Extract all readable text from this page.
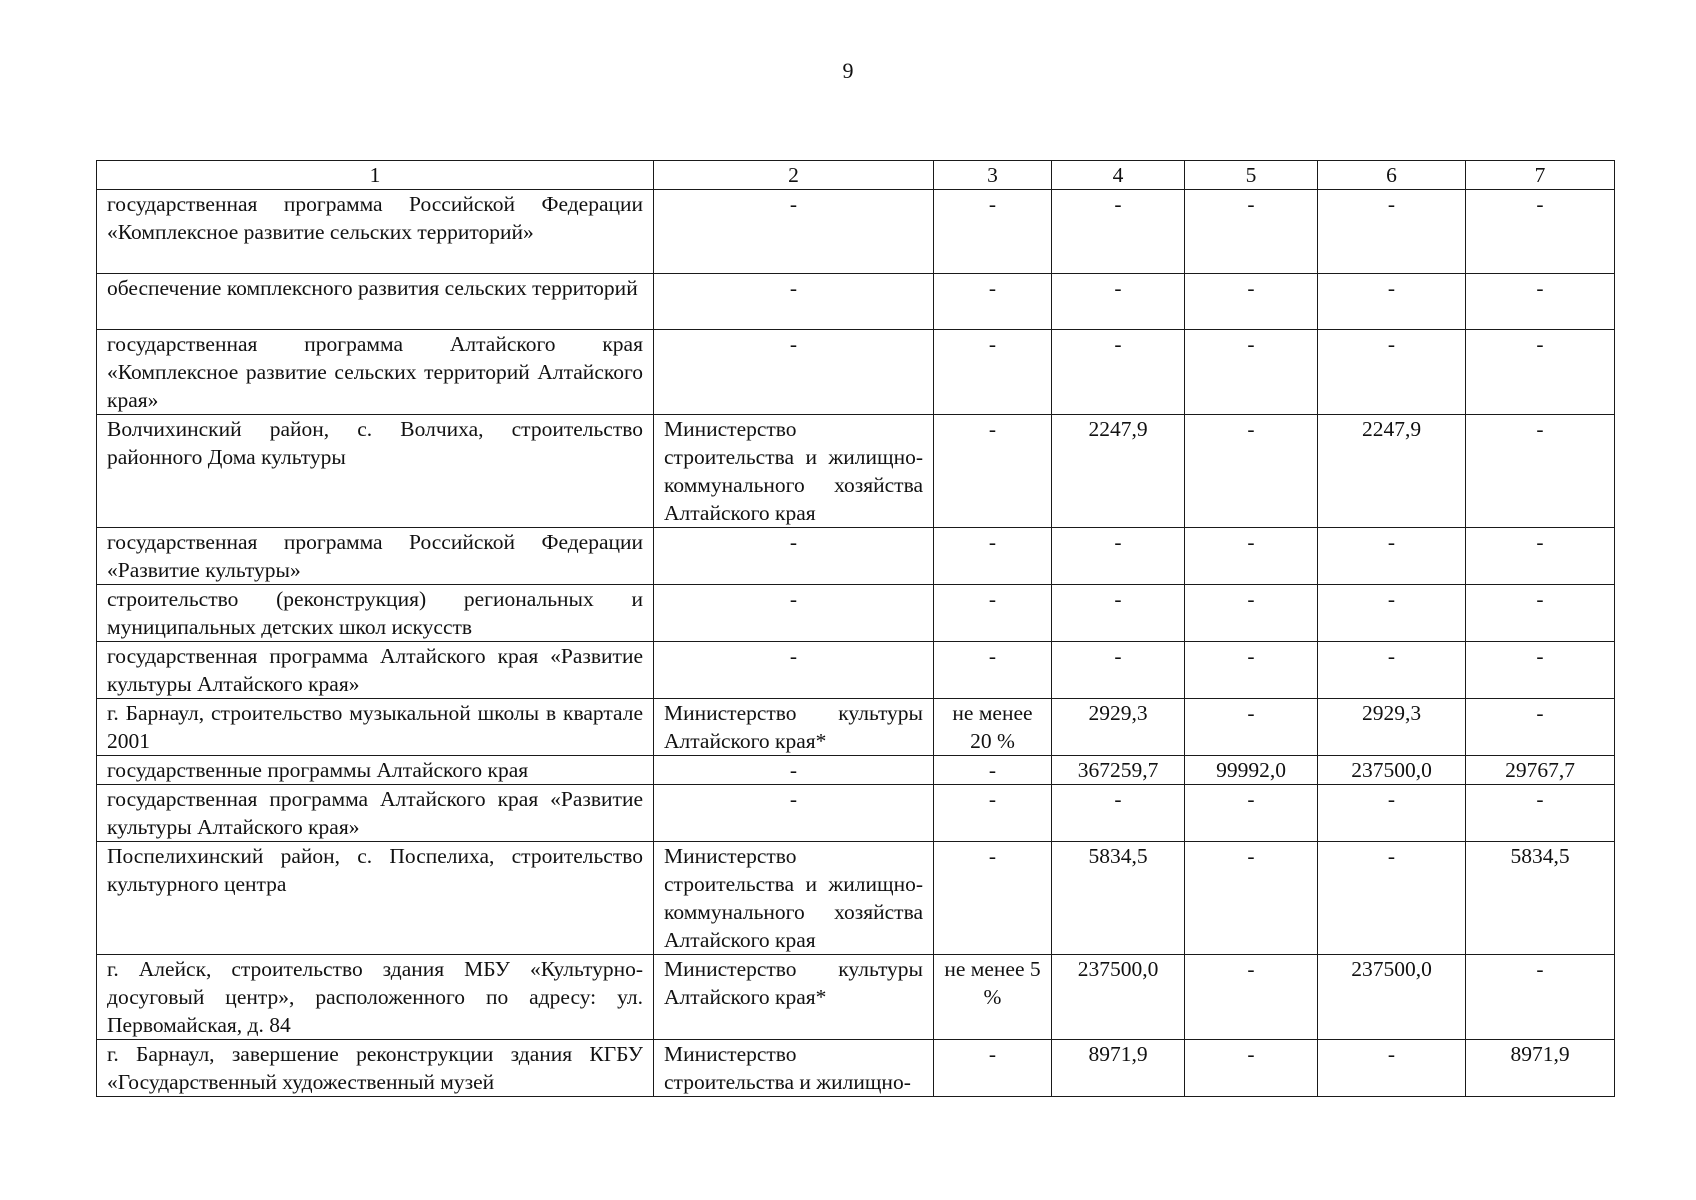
9
1	2	3	4	5	6	7
государственная программа Российской Федерации «Комплексное развитие сельских территорий»	-	-	-	-	-	-
обеспечение комплексного развития сельских территорий	-	-	-	-	-	-
государственная программа Алтайского края «Комплексное развитие сельских территорий Алтайского края»	-	-	-	-	-	-
Волчихинский район, с. Волчиха, строительство районного Дома культуры	Министерство строительства и жилищно-коммунального хозяйства Алтайского края	-	2247,9	-	2247,9	-
государственная программа Российской Федерации «Развитие культуры»	-	-	-	-	-	-
строительство (реконструкция) региональных и муниципальных детских школ искусств	-	-	-	-	-	-
государственная программа Алтайского края «Развитие культуры Алтайского края»	-	-	-	-	-	-
г. Барнаул, строительство музыкальной школы в квартале 2001	Министерство культуры Алтайского края*	не менее 20 %	2929,3	-	2929,3	-
государственные программы Алтайского края	-	-	367259,7	99992,0	237500,0	29767,7
государственная программа Алтайского края «Развитие культуры Алтайского края»	-	-	-	-	-	-
Поспелихинский район, с. Поспелиха, строительство культурного центра	Министерство строительства и жилищно-коммунального хозяйства Алтайского края	-	5834,5	-	-	5834,5
г. Алейск, строительство здания МБУ «Культурно-досуговый центр», расположенного по адресу: ул. Первомайская, д. 84	Министерство культуры Алтайского края*	не менее 5 %	237500,0	-	237500,0	-
г. Барнаул, завершение реконструкции здания КГБУ «Государственный художественный музей	Министерство строительства и жилищно-	-	8971,9	-	-	8971,9
